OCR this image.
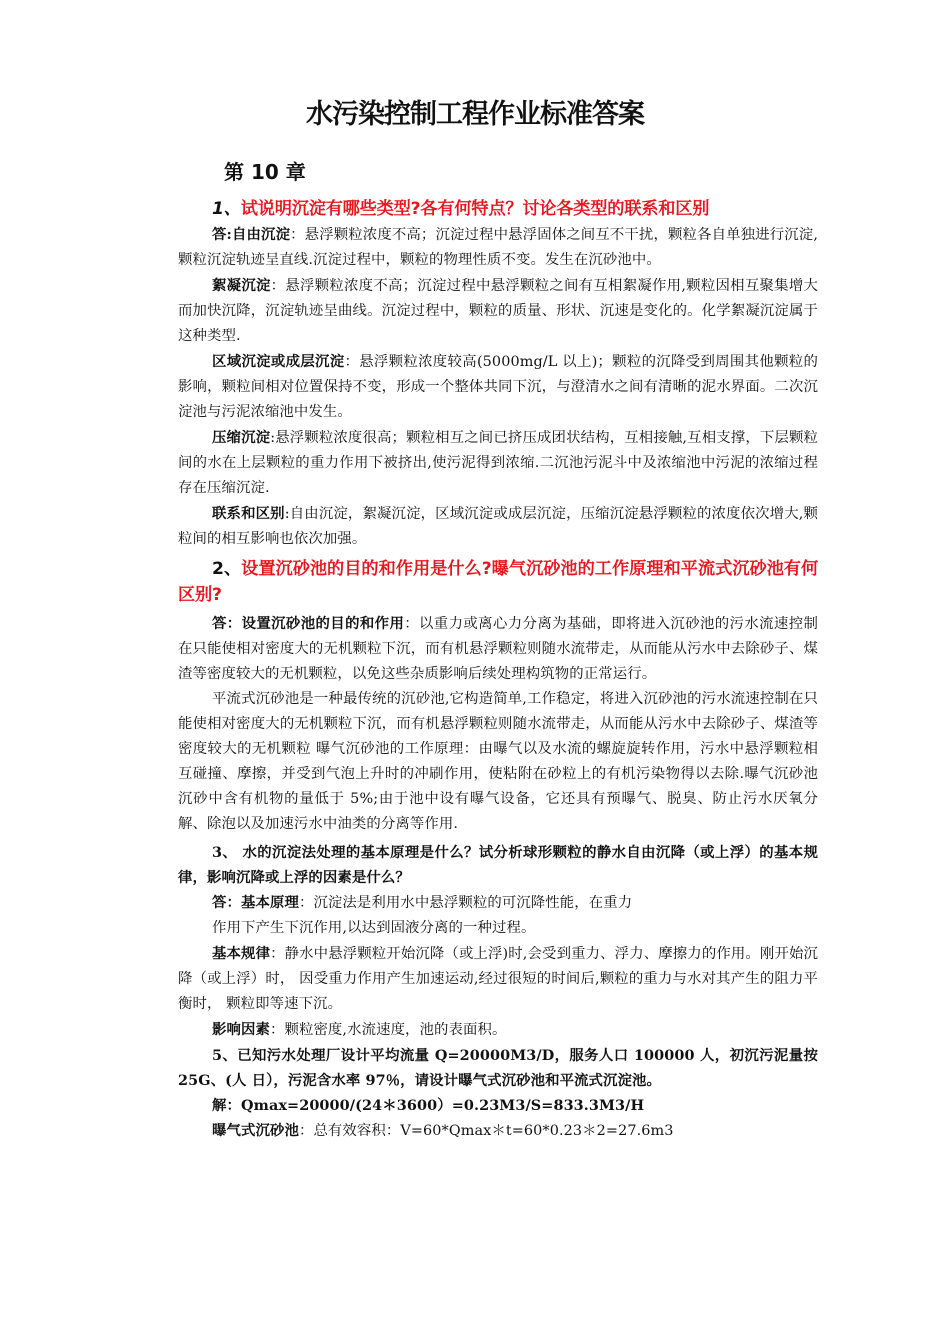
水污染控制工程作业标准答案
第 10 章

1、试说明沉淀有哪些类型?各有何特点？讨论各类型的联系和区别

答:自由沉淀：悬浮颗粒浓度不高；沉淀过程中悬浮固体之间互不干扰，颗粒各自单独进行沉淀, 颗粒沉淀轨迹呈直线.沉淀过程中，颗粒的物理性质不变。发生在沉砂池中。

絮凝沉淀：悬浮颗粒浓度不高；沉淀过程中悬浮颗粒之间有互相絮凝作用,颗粒因相互聚集增大而加快沉降，沉淀轨迹呈曲线。沉淀过程中，颗粒的质量、形状、沉速是变化的。化学絮凝沉淀属于这种类型.

区域沉淀或成层沉淀：悬浮颗粒浓度较高(5000mg/L 以上)；颗粒的沉降受到周围其他颗粒的影响，颗粒间相对位置保持不变，形成一个整体共同下沉，与澄清水之间有清晰的泥水界面。二次沉淀池与污泥浓缩池中发生。

压缩沉淀:悬浮颗粒浓度很高；颗粒相互之间已挤压成团状结构，互相接触,互相支撑，下层颗粒间的水在上层颗粒的重力作用下被挤出,使污泥得到浓缩.二沉池污泥斗中及浓缩池中污泥的浓缩过程存在压缩沉淀.

联系和区别:自由沉淀，絮凝沉淀，区域沉淀或成层沉淀，压缩沉淀悬浮颗粒的浓度依次增大,颗粒间的相互影响也依次加强。

2、设置沉砂池的目的和作用是什么?曝气沉砂池的工作原理和平流式沉砂池有何区别?

答：设置沉砂池的目的和作用：以重力或离心力分离为基础，即将进入沉砂池的污水流速控制在只能使相对密度大的无机颗粒下沉，而有机悬浮颗粒则随水流带走，从而能从污水中去除砂子、煤渣等密度较大的无机颗粒，以免这些杂质影响后续处理构筑物的正常运行。

平流式沉砂池是一种最传统的沉砂池,它构造简单,工作稳定，将进入沉砂池的污水流速控制在只能使相对密度大的无机颗粒下沉，而有机悬浮颗粒则随水流带走，从而能从污水中去除砂子、煤渣等密度较大的无机颗粒 曝气沉砂池的工作原理：由曝气以及水流的螺旋旋转作用，污水中悬浮颗粒相互碰撞、摩擦，并受到气泡上升时的冲刷作用，使粘附在砂粒上的有机污染物得以去除.曝气沉砂池沉砂中含有机物的量低于 5%;由于池中设有曝气设备，它还具有预曝气、脱臭、防止污水厌氧分解、除泡以及加速污水中油类的分离等作用.

3、 水的沉淀法处理的基本原理是什么？试分析球形颗粒的静水自由沉降（或上浮）的基本规律，影响沉降或上浮的因素是什么？

答：基本原理：沉淀法是利用水中悬浮颗粒的可沉降性能，在重力

作用下产生下沉作用,以达到固液分离的一种过程。

基本规律：静水中悬浮颗粒开始沉降（或上浮)时,会受到重力、浮力、摩擦力的作用。刚开始沉降（或上浮）时， 因受重力作用产生加速运动,经过很短的时间后,颗粒的重力与水对其产生的阻力平衡时， 颗粒即等速下沉。

影响因素：颗粒密度,水流速度，池的表面积。

5、已知污水处理厂设计平均流量 Q=20000M3/D，服务人口 100000 人，初沉污泥量按 25G、(人 日），污泥含水率 97％，请设计曝气式沉砂池和平流式沉淀池。

解：Qmax=20000/(24＊3600）=0.23M3/S=833.3M3/H

曝气式沉砂池：总有效容积：V=60*Qmax＊t=60*0.23＊2=27.6m3
